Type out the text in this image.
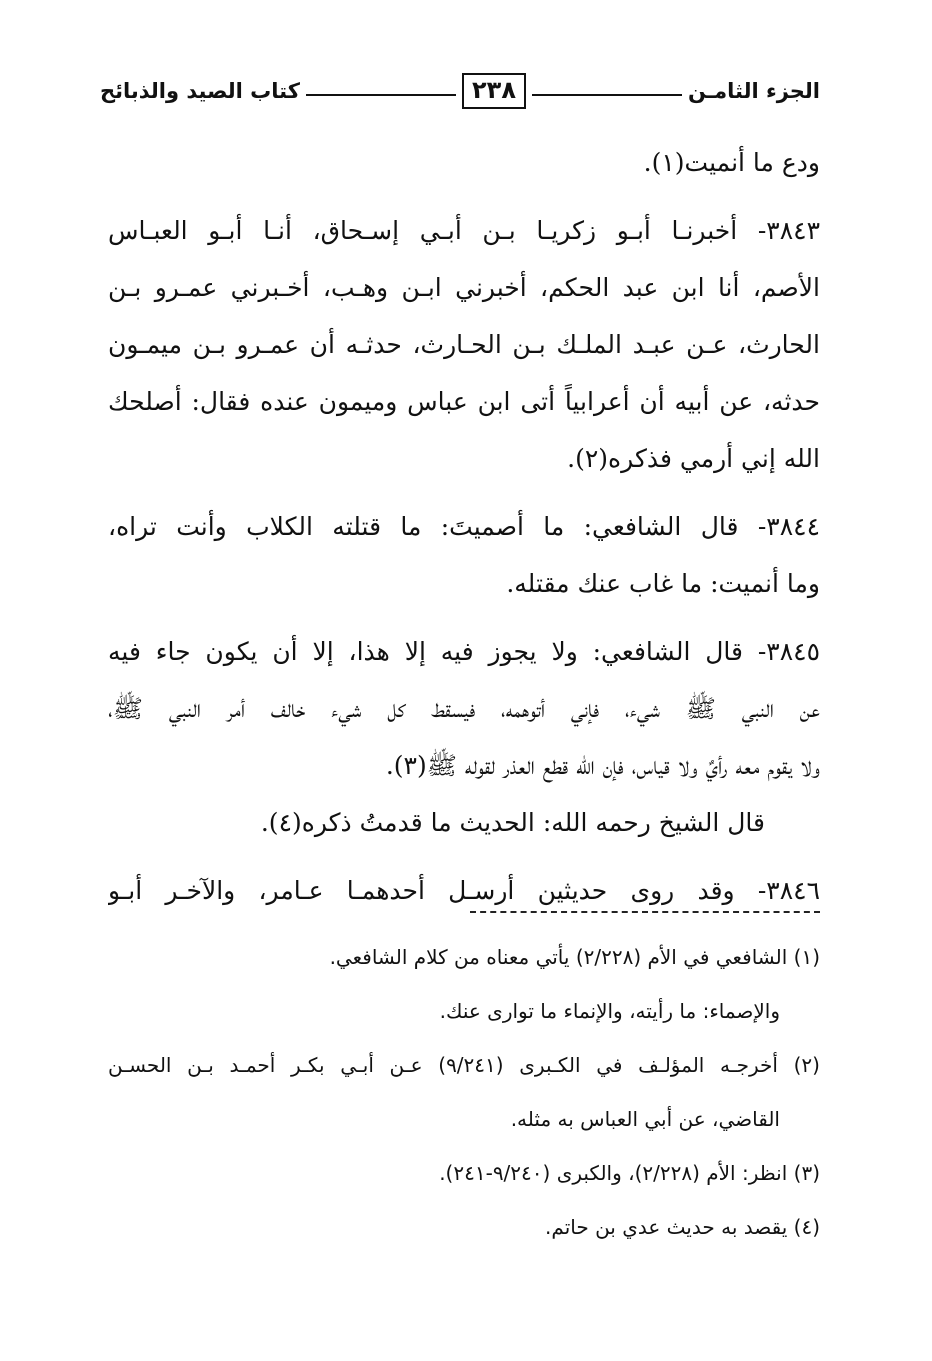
الجزء الثامـن
٢٣٨
كتاب الصيد والذبائح
ودع ما أنميت(١).
٣٨٤٣- أخبرنـا أبـو زكريـا بـن أبـي إسـحاق، أنـا أبـو العبـاس
الأصم، أنا ابن عبد الحكم، أخبرني ابـن وهـب، أخـبرني عمـرو بـن
الحارث، عـن عبـد الملـك بـن الحـارث، حدثـه أن عمـرو بـن ميمـون
حدثه، عن أبيه أن أعرابياً أتى ابن عباس وميمون عنده فقال: أصلحك
الله إني أرمي فذكره(٢).
٣٨٤٤- قال الشافعي: ما أصميتَ: ما قتلته الكلاب وأنت تراه،
وما أنميت: ما غاب عنك مقتله.
٣٨٤٥- قال الشافعي: ولا يجوز فيه إلا هذا، إلا أن يكون جاء فيه
عن النبي ﷺ شيء، فإني أتوهمه، فيسقط كل شيء خالف أمر النبي ﷺ،
ولا يقوم معه رأيٌ ولا قياس، فإن الله قطع العذر لقوله ﷺ(٣).
قال الشيخ رحمه الله: الحديث ما قدمتُ ذكره(٤).
٣٨٤٦- وقد روى حديثين أرسـل أحدهمـا عـامر، والآخـر أبـو
(١) الشافعي في الأم (٢/٢٢٨) يأتي معناه من كلام الشافعي.
والإصماء: ما رأيته، والإنماء ما توارى عنك.
(٢) أخرجـه المؤلـف في الكـبرى (٩/٢٤١) عـن أبـي بكـر أحمـد بـن الحسـن
القاضي، عن أبي العباس به مثله.
(٣) انظر: الأم (٢/٢٢٨)، والكبرى (٩/٢٤٠-٢٤١).
(٤) يقصد به حديث عدي بن حاتم.
